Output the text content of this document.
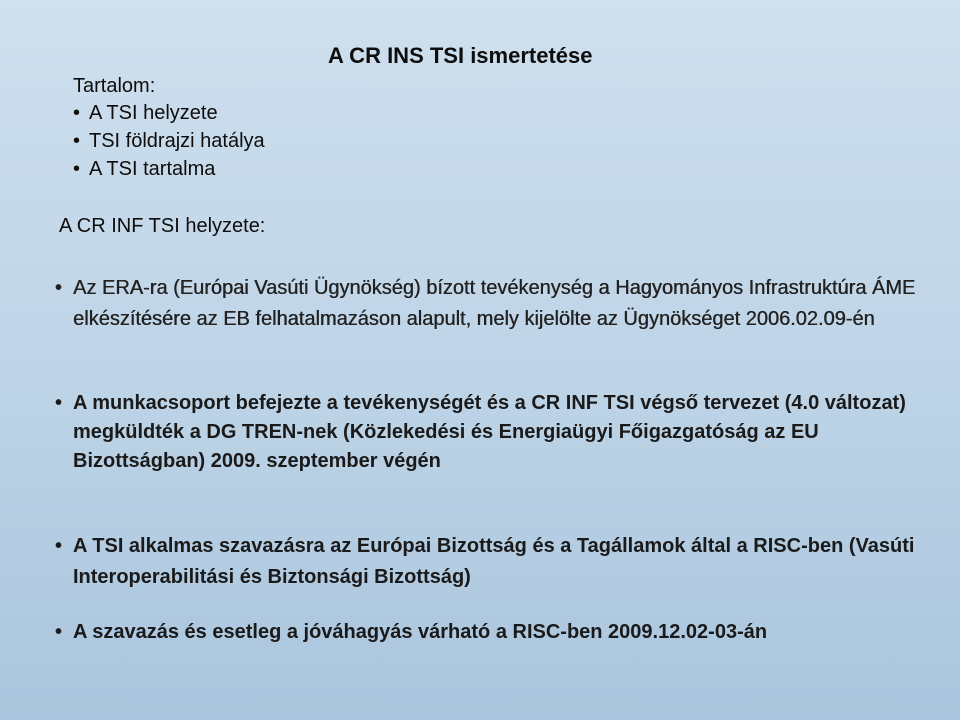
A CR INS TSI ismertetése
Tartalom:
• A TSI helyzete
• TSI földrajzi hatálya
• A TSI tartalma
A CR INF TSI helyzete:
• Az ERA-ra (Európai Vasúti Ügynökség) bízott tevékenység a Hagyományos Infrastruktúra ÁME elkészítésére az EB felhatalmazáson alapult, mely kijelölte az Ügynökséget 2006.02.09-én
• A munkacsoport befejezte a tevékenységét és a CR INF TSI végső tervezet (4.0 változat) megküldték a DG TREN-nek (Közlekedési és Energiaügyi Főigazgatóság az EU Bizottságban) 2009. szeptember végén
• A TSI alkalmas szavazásra az Európai Bizottság és a Tagállamok által a RISC-ben (Vasúti Interoperabilitási és Biztonsági Bizottság)
• A szavazás és esetleg a jóváhagyás várható a RISC-ben 2009.12.02-03-án
